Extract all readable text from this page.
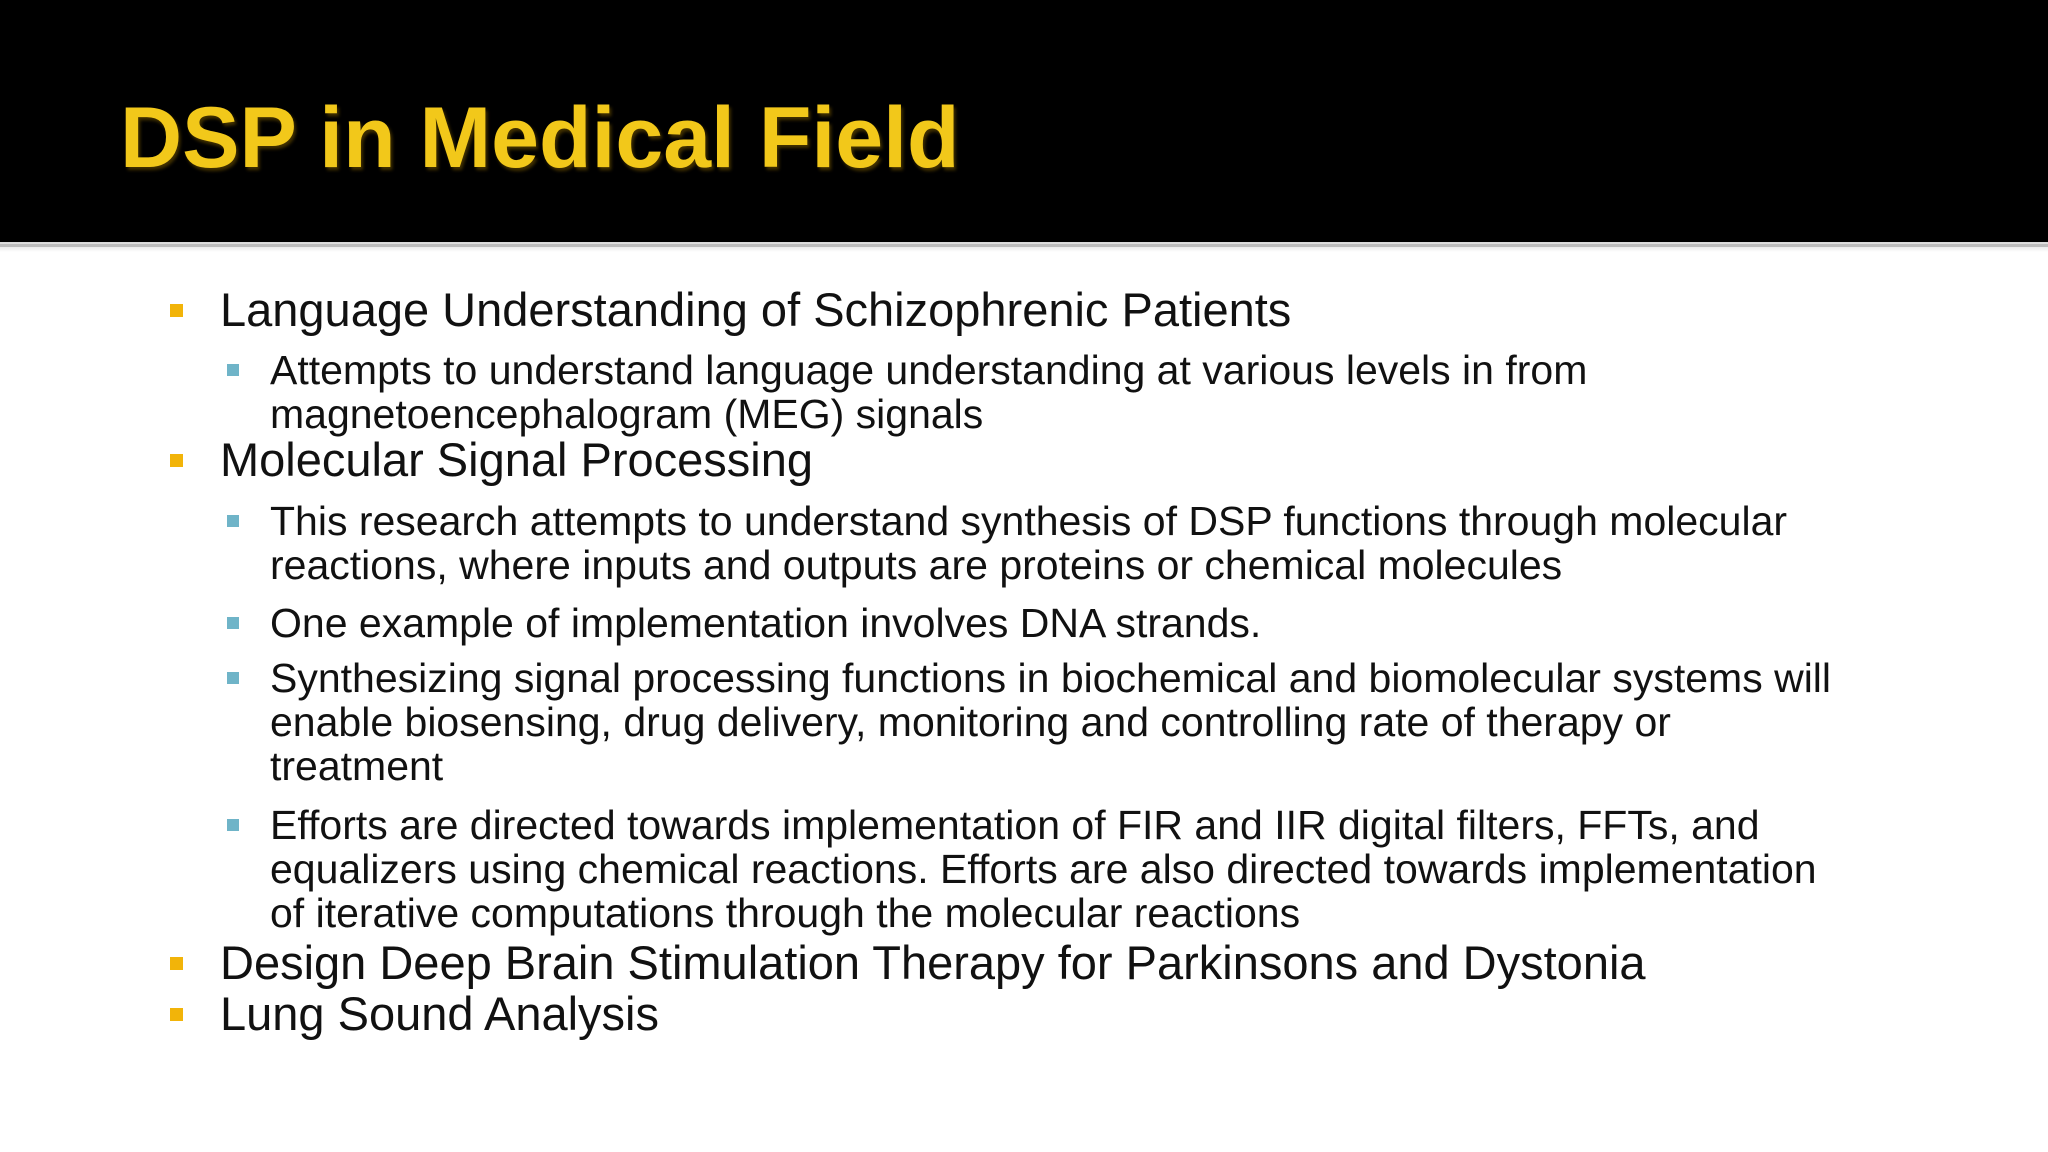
DSP in Medical Field
Language Understanding of Schizophrenic Patients
Attempts to understand language understanding at various levels in from
magnetoencephalogram (MEG) signals
Molecular Signal Processing
This research attempts to understand synthesis of DSP functions through molecular
reactions, where inputs and outputs are proteins or chemical molecules
One example of implementation involves DNA strands.
Synthesizing signal processing functions in biochemical and biomolecular systems will
enable biosensing, drug delivery, monitoring and controlling rate of therapy or
treatment
Efforts are directed towards implementation of FIR and IIR digital filters, FFTs, and
equalizers using chemical reactions. Efforts are also directed towards implementation
of iterative computations through the molecular reactions
Design Deep Brain Stimulation Therapy for Parkinsons and Dystonia
Lung Sound Analysis
